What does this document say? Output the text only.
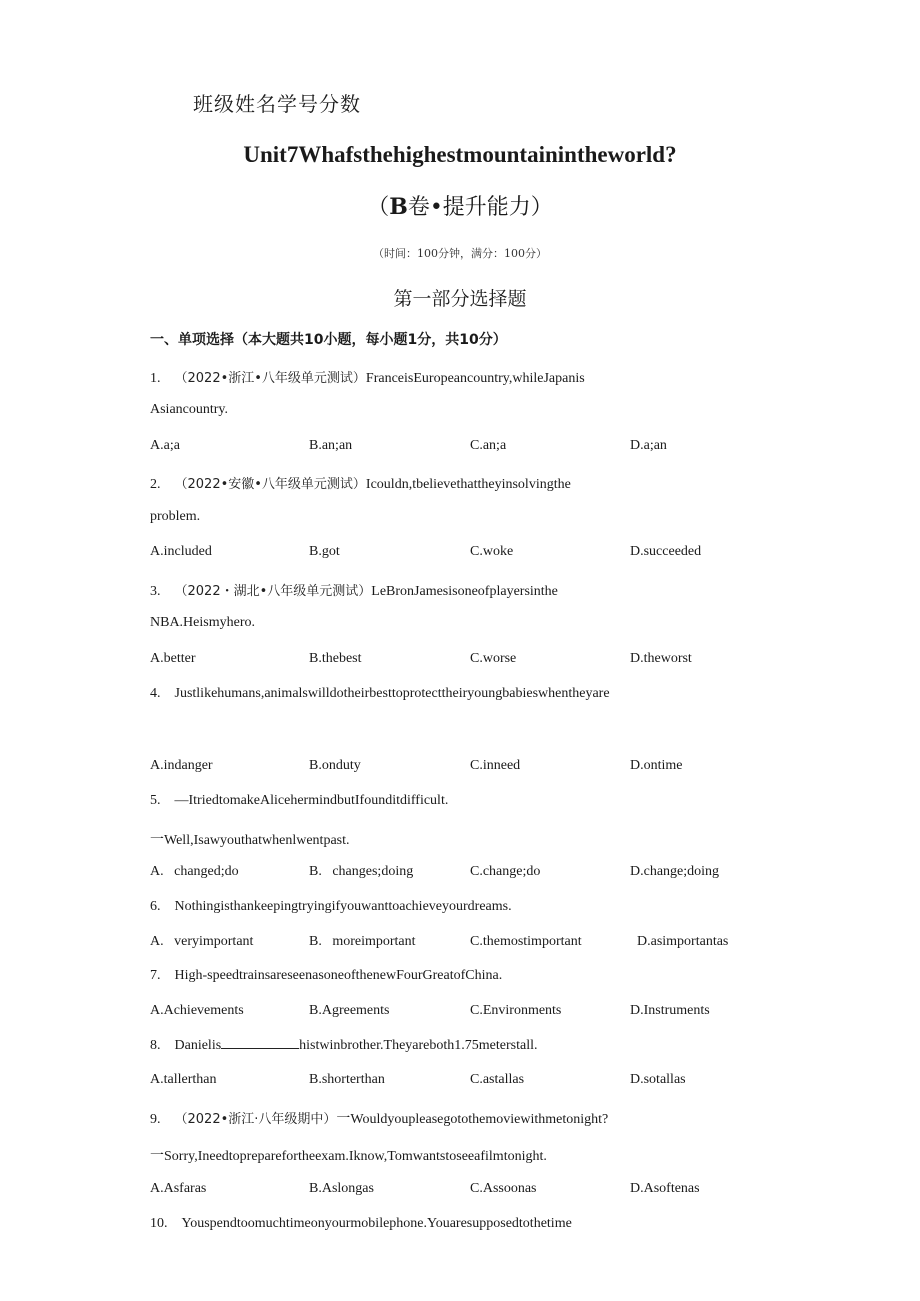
班级姓名学号分数
Unit7Whafsthehighestmountainintheworld?
（B卷•提升能力）
（时间：100分钟，满分：100分）
第一部分选择题
一、单项选择（本大题共10小题，每小题1分，共10分）
1. （2022•浙江•八年级单元测试）FranceisEuropeancountry,whileJapanis
Asiancountry.
A.a;a	B.an;an	C.an;a	D.a;an
2. （2022•安徽•八年级单元测试）Icouldn,tbelievethattheyinsolvingthe
problem.
A.included	B.got	C.woke	D.succeeded
3. （2022・湖北•八年级单元测试）LeBronJamesisoneofplayersinthe
NBA.Heismyhero.
A.better	B.thebest	C.worse	D.theworst
4. Justlikehumans,animalswilldotheirbesttoprotecttheiryoungbabieswhentheyare
A.indanger	B.onduty	C.inneed	D.ontime
5. —ItriedtomakeAlicehermindbutIfounditdifficult.
一Well,Isawyouthatwhenlwentpast.
A.   changed;do	B.   changes;doing	C.change;do	D.change;doing
6. Nothingisthankeepingtryingifyouwanttoachieveyourdreams.
A.   veryimportant	B.   moreimportant	C.themostimportant	D.asimportantas
7. High-speedtrainsareseenasoneofthenewFourGreatofChina.
A.Achievements	B.Agreements	C.Environments	D.Instruments
8. Danielis	histwinbrother.Theyareboth1.75meterstall.
A.tallerthan	B.shorterthan	C.astallas	D.sotallas
9. （2022•浙江·八年级期中）一Wouldyoupleasegotothemoviewithmetonight?
一Sorry,Ineedtopreparefortheexam.Iknow,Tomwantstoseeafilmtonight.
A.Asfaras	B.Aslongas	C.Assoonas	D.Asoftenas
10. Youspendtoomuchtimeonyourmobilephone.Youaresupposedtothetime
